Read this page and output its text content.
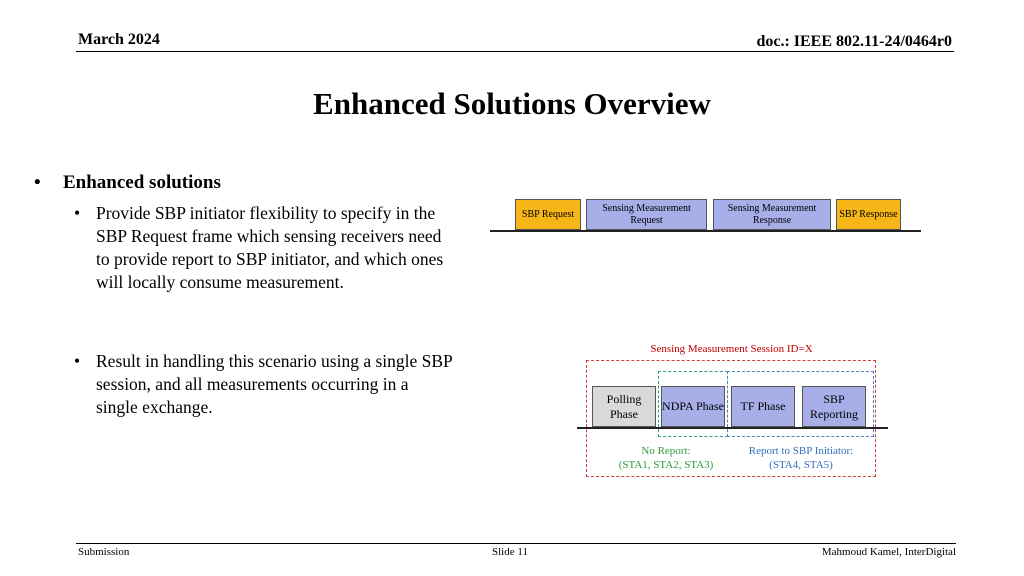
March 2024	doc.: IEEE 802.11-24/0464r0
Enhanced Solutions Overview
• Enhanced solutions
• Provide SBP initiator flexibility to specify in the SBP Request frame which sensing receivers need to provide report to SBP initiator, and which ones will locally consume measurement.
• Result in handling this scenario using a single SBP session, and all measurements occurring in a single exchange.
SBP Request
Sensing Measurement Request
Sensing Measurement Response
SBP Response
Sensing Measurement Session ID=X
Polling Phase
NDPA Phase	TF Phase
SBP Reporting
No Report:
(STA1, STA2, STA3)
Report to SBP Initiator:
(STA4, STA5)
Submission	Slide 11	Mahmoud Kamel, InterDigital
